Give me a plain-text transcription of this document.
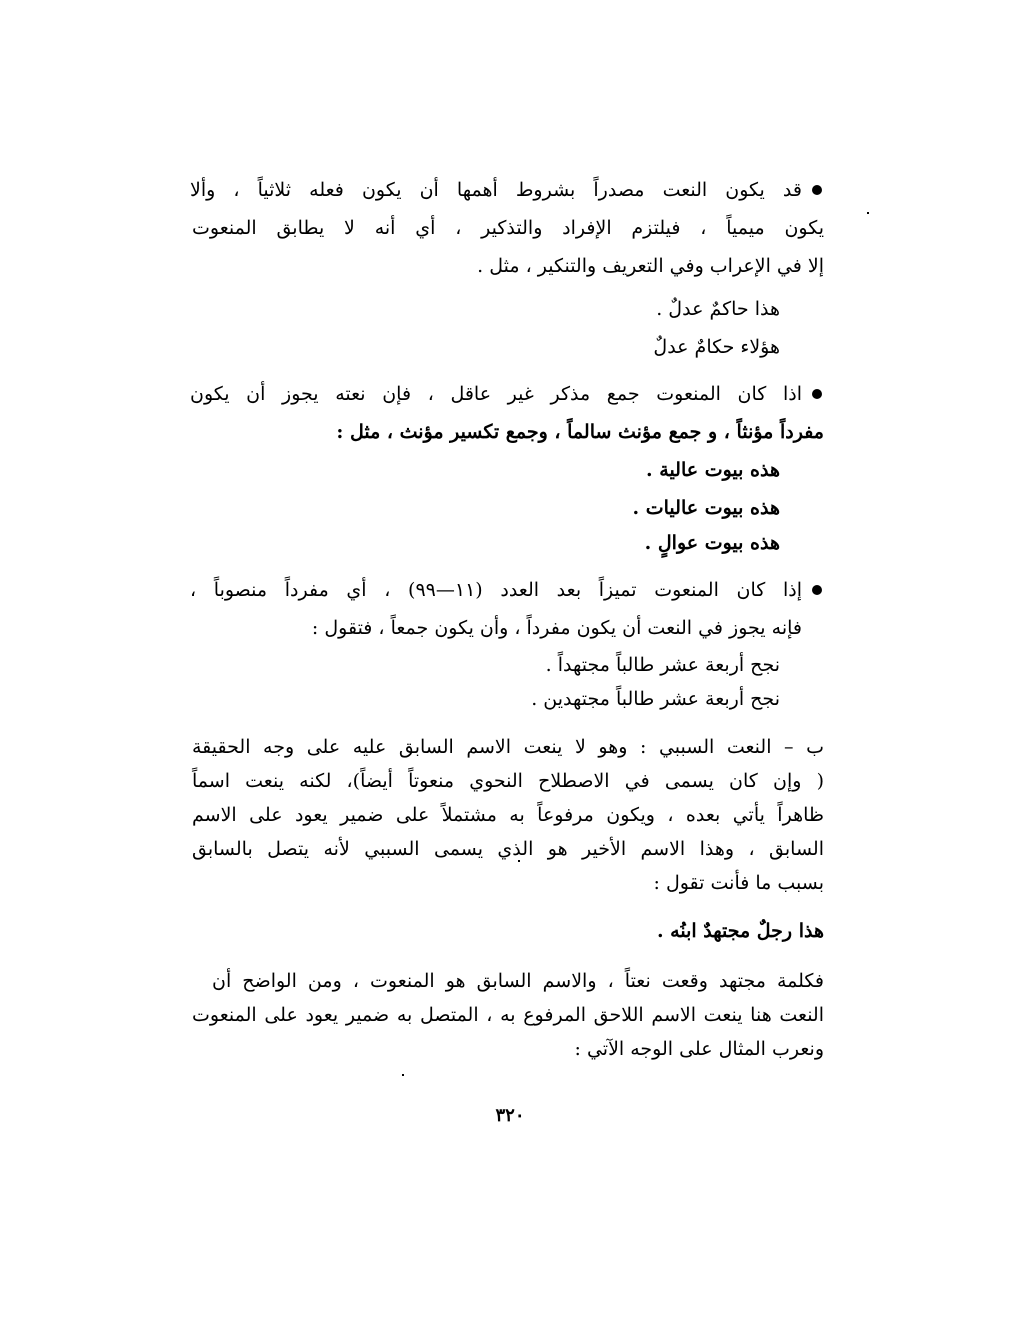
قد يكون النعت مصدراً بشروط أهمها أن يكون فعله ثلاثياً ، وألا
يكون ميمياً ، فيلتزم الإفراد والتذكير ، أي أنه لا يطابق المنعوت
إلا في الإعراب وفي التعريف والتنكير ، مثل .
هذا حاكمٌ عدلٌ .
هؤلاء حكامٌ عدلٌ
اذا كان المنعوت جمع مذكر غير عاقل ، فإن نعته يجوز أن يكون
مفرداً مؤنثاً ، و جمع مؤنث سالماً ، وجمع تكسير مؤنث ، مثل :
هذه بيوت عالية .
هذه بيوت عاليات .
هذه بيوت عوالٍ .
إذا كان المنعوت تميزاً بعد العدد (١١—٩٩) ، أي مفرداً منصوباً ،
فإنه يجوز في النعت أن يكون مفرداً ، وأن يكون جمعاً ، فتقول :
نجح أربعة عشر طالباً مجتهداً .
نجح أربعة عشر طالباً مجتهدين .
ب – النعت السببي : وهو لا ينعت الاسم السابق عليه على وجه الحقيقة
( وإن كان يسمى في الاصطلاح النحوي منعوتاً أيضاً)، لكنه ينعت اسماً
ظاهراً يأتي بعده ، ويكون مرفوعاً به مشتملاً على ضمير يعود على الاسم
السابق ، وهذا الاسم الأخير هو الذي يسمى السببي لأنه يتصل بالسابق
بسبب ما فأنت تقول :
هذا رجلٌ مجتهدٌ ابنُه .
فكلمة مجتهد وقعت نعتاً ، والاسم السابق هو المنعوت ، ومن الواضح أن
النعت هنا ينعت الاسم اللاحق المرفوع به ، المتصل به ضمير يعود على المنعوت
ونعرب المثال على الوجه الآتي :
٣٢٠
